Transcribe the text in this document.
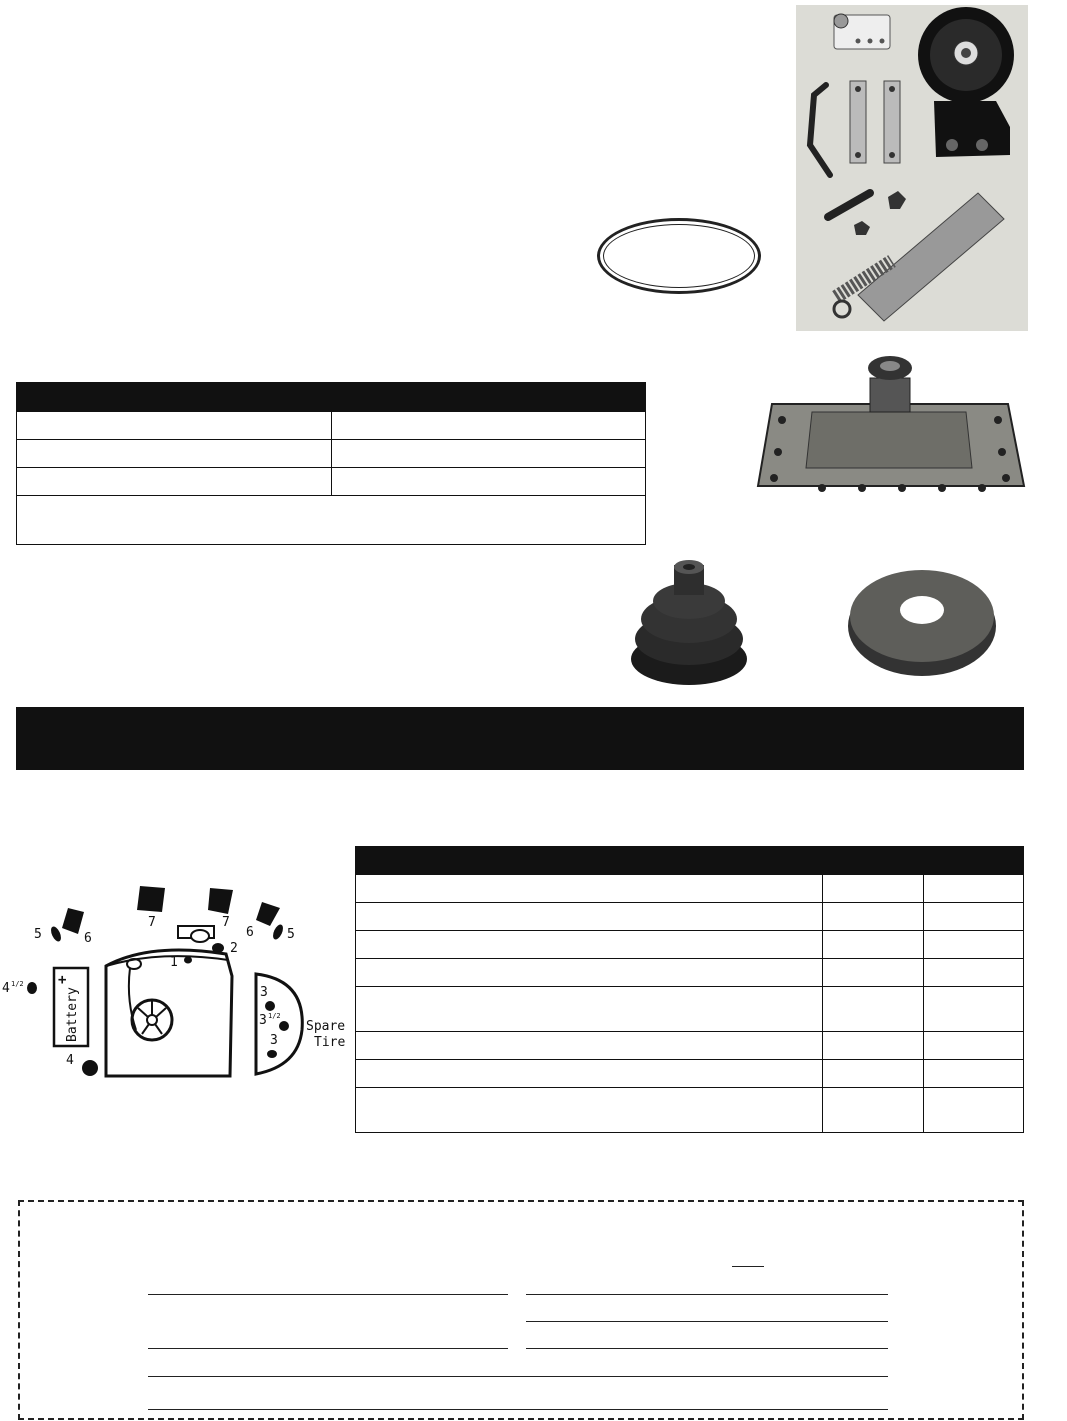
7	7
5	6	6	5
2
1
4 1/2 +
Battery
4
3
3 1/2
3
Spare
Tire
